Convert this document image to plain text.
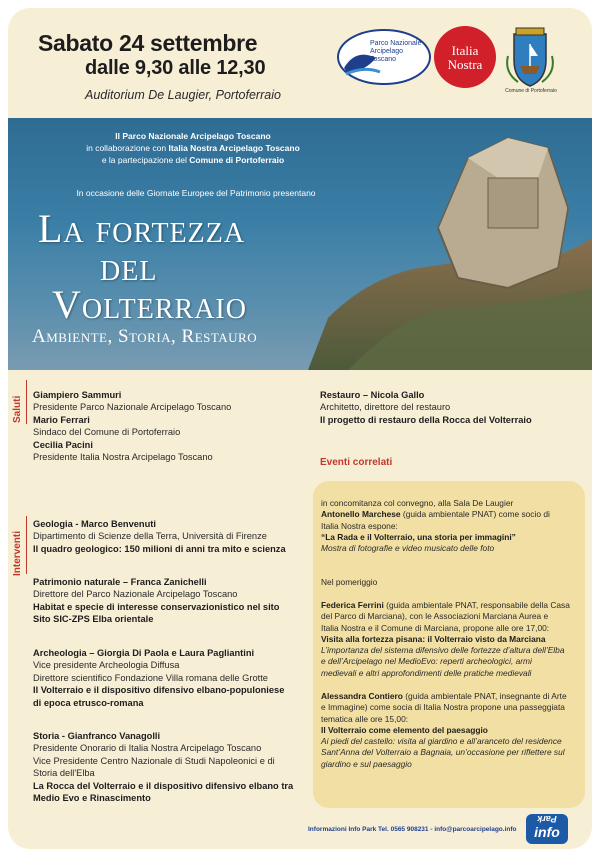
Sabato 24 settembre
dalle 9,30 alle 12,30
Auditorium De Laugier, Portoferraio
Parco Nazionale Arcipelago Toscano
Italia
Nostra
Comune di Portoferraio
Il Parco Nazionale Arcipelago Toscano
in collaborazione con Italia Nostra Arcipelago Toscano
e la partecipazione del Comune di Portoferraio
In occasione delle Giornate Europee del Patrimonio presentano
La fortezza
del
Volterraio
Ambiente, Storia, Restauro
Saluti
Giampiero Sammuri
Presidente Parco Nazionale Arcipelago Toscano
Mario Ferrari
Sindaco del Comune di Portoferraio
Cecilia Pacini
Presidente Italia Nostra Arcipelago Toscano
Restauro – Nicola Gallo
Architetto, direttore del restauro
Il progetto di restauro della Rocca del Volterraio
Interventi
Geologia - Marco Benvenuti
Dipartimento di Scienze della Terra, Università di Firenze
Il quadro geologico: 150 milioni di anni tra mito e scienza
Patrimonio naturale – Franca Zanichelli
Direttore del Parco Nazionale Arcipelago Toscano
Habitat e specie di interesse conservazionistico nel sito
Sito SIC-ZPS Elba orientale
Archeologia – Giorgia Di Paola e Laura Pagliantini
Vice presidente Archeologia Diffusa
Direttore scientifico Fondazione Villa romana delle Grotte
Il Volterraio e il dispositivo difensivo elbano-populoniese
di epoca etrusco-romana
Storia - Gianfranco Vanagolli
Presidente Onorario di Italia Nostra Arcipelago Toscano
Vice Presidente Centro Nazionale di Studi Napoleonici e di
Storia dell'Elba
La Rocca del Volterraio e il dispositivo difensivo elbano tra
Medio Evo e Rinascimento
Eventi correlati
in concomitanza col convegno, alla Sala De Laugier
Antonello Marchese (guida ambientale PNAT) come socio di
Italia Nostra espone:
“La Rada e il Volterraio, una storia per immagini”
Mostra di fotografie e video musicato delle foto
Nel pomeriggio
Federica Ferrini (guida ambientale PNAT, responsabile della Casa
del Parco di Marciana), con le Associazioni Marciana Aurea e
Italia Nostra e il Comune di Marciana, propone alle ore 17,00:
Visita alla fortezza pisana: il Volterraio visto da Marciana
L’importanza del sistema difensivo delle fortezze d’altura dell’Elba
e dell’Arcipelago nel MedioEvo: reperti archeologici, armi
medievali e altri approfondimenti delle pratiche medievali
Alessandra Contiero (guida ambientale PNAT, insegnante di Arte
e Immagine) come socia di Italia Nostra propone una passeggiata
tematica alle ore 15,00:
Il Volterraio come elemento del paesaggio
Ai piedi del castello: visita al giardino e all’aranceto del residence
Sant’Anna del Volterraio a Bagnaia, un’occasione per riflettere sul
giardino e sul paesaggio
Informazioni Info Park Tel. 0565 908231 - info@parcoarcipelago.info
Park
info
